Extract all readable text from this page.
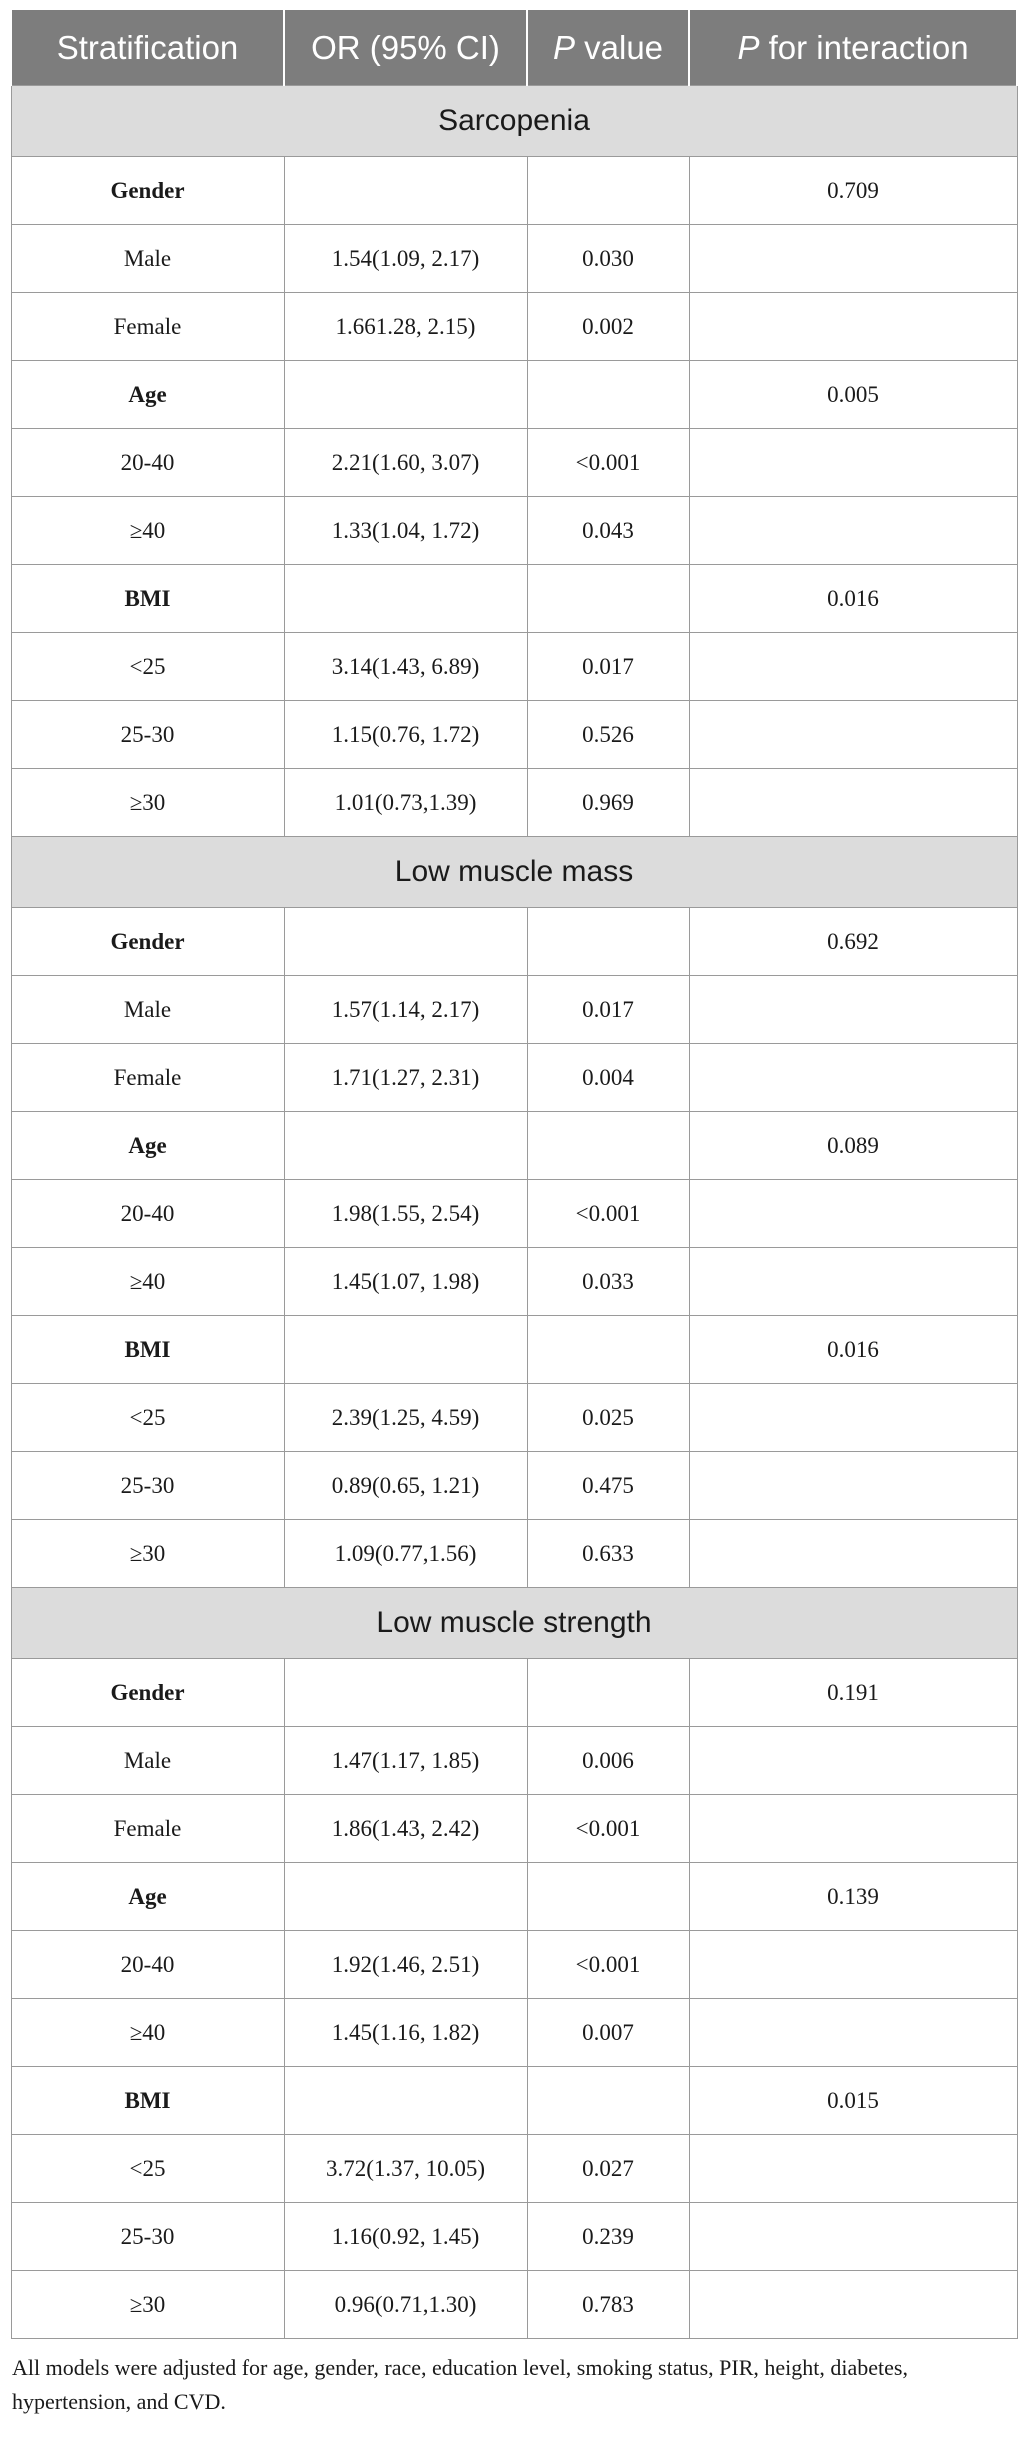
Stratification	OR (95% CI)	P value	P for interaction
Sarcopenia			
Gender			0.709
Male	1.54(1.09, 2.17)	0.030	
Female	1.661.28, 2.15)	0.002	
Age			0.005
20-40	2.21(1.60, 3.07)	<0.001	
≥40	1.33(1.04, 1.72)	0.043	
BMI			0.016
<25	3.14(1.43, 6.89)	0.017	
25-30	1.15(0.76, 1.72)	0.526	
≥30	1.01(0.73,1.39)	0.969	
Low muscle mass			
Gender			0.692
Male	1.57(1.14, 2.17)	0.017	
Female	1.71(1.27, 2.31)	0.004	
Age			0.089
20-40	1.98(1.55, 2.54)	<0.001	
≥40	1.45(1.07, 1.98)	0.033	
BMI			0.016
<25	2.39(1.25, 4.59)	0.025	
25-30	0.89(0.65, 1.21)	0.475	
≥30	1.09(0.77,1.56)	0.633	
Low muscle strength			
Gender			0.191
Male	1.47(1.17, 1.85)	0.006	
Female	1.86(1.43, 2.42)	<0.001	
Age			0.139
20-40	1.92(1.46, 2.51)	<0.001	
≥40	1.45(1.16, 1.82)	0.007	
BMI			0.015
<25	3.72(1.37, 10.05)	0.027	
25-30	1.16(0.92, 1.45)	0.239	
≥30	0.96(0.71,1.30)	0.783	
All models were adjusted for age, gender, race, education level, smoking status, PIR, height, diabetes, hypertension, and CVD.
